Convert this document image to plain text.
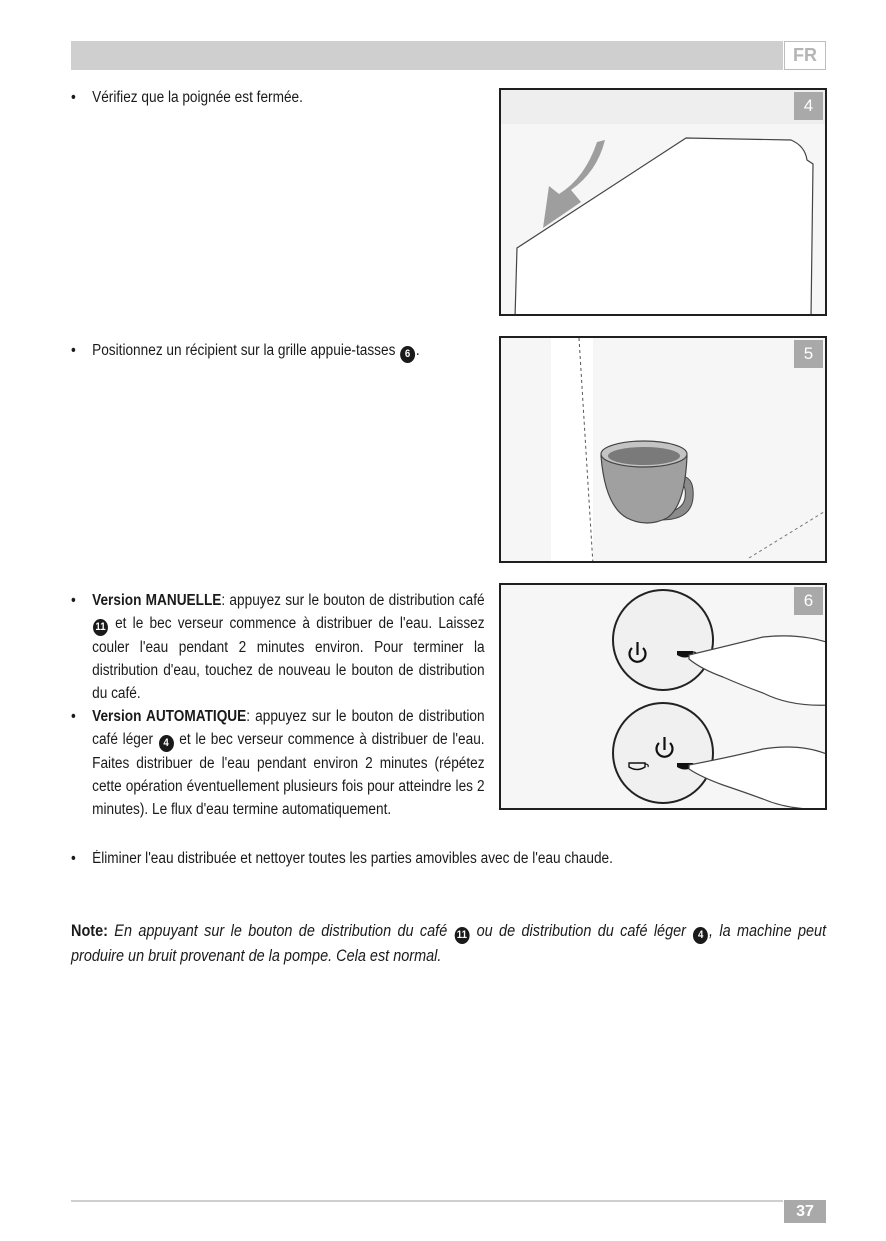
FR
• Vérifiez que la poignée est fermée.	4
• Positionnez un récipient sur la grille appuie-tasses 6 .	5
• Version MANUELLE: appuyez sur le bouton de distribution café 11 et le bec verseur commence à distribuer de l'eau. Laissez couler l'eau pendant 2 minutes environ. Pour terminer la distribution d'eau, touchez de nouveau le bouton de distribution du café.
• Version AUTOMATIQUE: appuyez sur le bouton de distribution café léger 4 et le bec verseur commence à distribuer de l'eau. Faites distribuer de l'eau pendant environ 2 minutes (répétez cette opération éventuellement plusieurs fois pour atteindre les 2 minutes). Le flux d'eau termine automatiquement.
6
• Éliminer l'eau distribuée et nettoyer toutes les parties amovibles avec de l'eau chaude.
Note: En appuyant sur le bouton de distribution du café 11 ou de distribution du café léger 4 , la machine peut produire un bruit provenant de la pompe. Cela est normal.
37
